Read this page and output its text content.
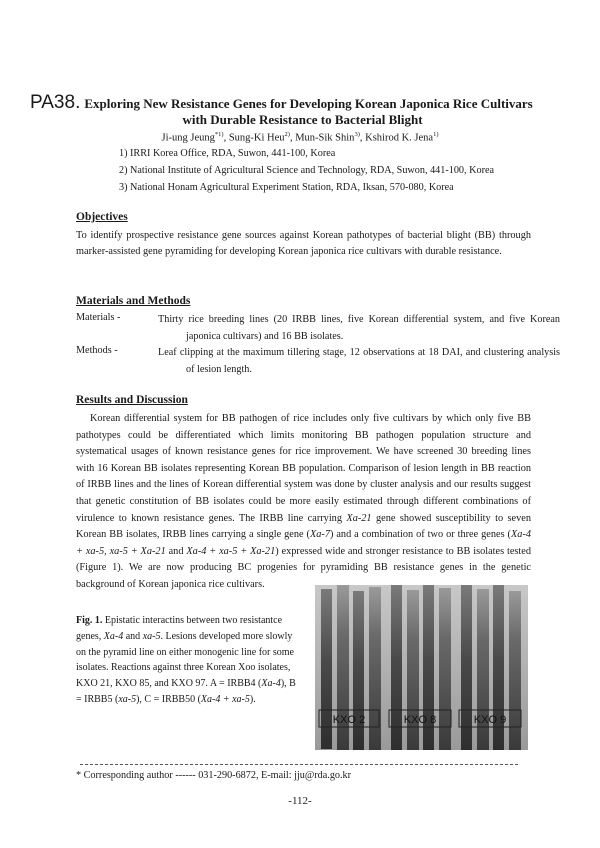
PA38. Exploring New Resistance Genes for Developing Korean Japonica Rice Cultivars
with Durable Resistance to Bacterial Blight
Ji-ung Jeung$^{*1)}$, Sung-Ki Heu$^{2)}$, Mun-Sik Shin$^{3)}$, Kshirod K. Jena$^{1)}$
1) IRRI Korea Office, RDA, Suwon, 441-100, Korea
2) National Institute of Agricultural Science and Technology, RDA, Suwon, 441-100, Korea
3) National Honam Agricultural Experiment Station, RDA, Iksan, 570-080, Korea
Objectives
To identify prospective resistance gene sources against Korean pathotypes of bacterial blight (BB) through marker-assisted gene pyramiding for developing Korean japonica rice cultivars with durable resistance.
Materials and Methods
Materials -	Thirty rice breeding lines (20 IRBB lines, five Korean differential system, and five Korean japonica cultivars) and 16 BB isolates.
Methods -	Leaf clipping at the maximum tillering stage, 12 observations at 18 DAI, and clustering analysis of lesion length.
Results and Discussion
Korean differential system for BB pathogen of rice includes only five cultivars by which only five BB pathotypes could be differentiated which limits monitoring BB pathogen population structure and systematical usages of known resistance genes for rice improvement. We have screened 30 breeding lines with 16 Korean BB isolates representing Korean BB population. Comparison of lesion length in BB reaction of IRBB lines and the lines of Korean differential system was done by cluster analysis and our results suggest that genetic constitution of BB isolates could be more easily estimated through different combinations of virulence to known resistance genes. The IRBB line carrying Xa-21 gene showed susceptibility to seven Korean BB isolates, IRBB lines carrying a single gene (Xa-7) and a combination of two or three genes (Xa-4 + xa-5, xa-5 + Xa-21 and Xa-4 + xa-5 + Xa-21) expressed wide and stronger resistance to BB isolates tested (Figure 1). We are now producing BC progenies for pyramiding BB resistance genes in the genetic background of Korean japonica rice cultivars.
Fig. 1. Epistatic interactins between two resistantce genes, Xa-4 and xa-5. Lesions developed more slowly on the pyramid line on either monogenic line for some isolates. Reactions against three Korean Xoo isolates, KXO 21, KXO 85, and KXO 97. A = IRBB4 (Xa-4), B = IRBB5 (xa-5), C = IRBB50 (Xa-4 + xa-5).
KXO 2	KXO 8	KXO 9
* Corresponding author ------ 031-290-6872, E-mail: jju@rda.go.kr
-112-
